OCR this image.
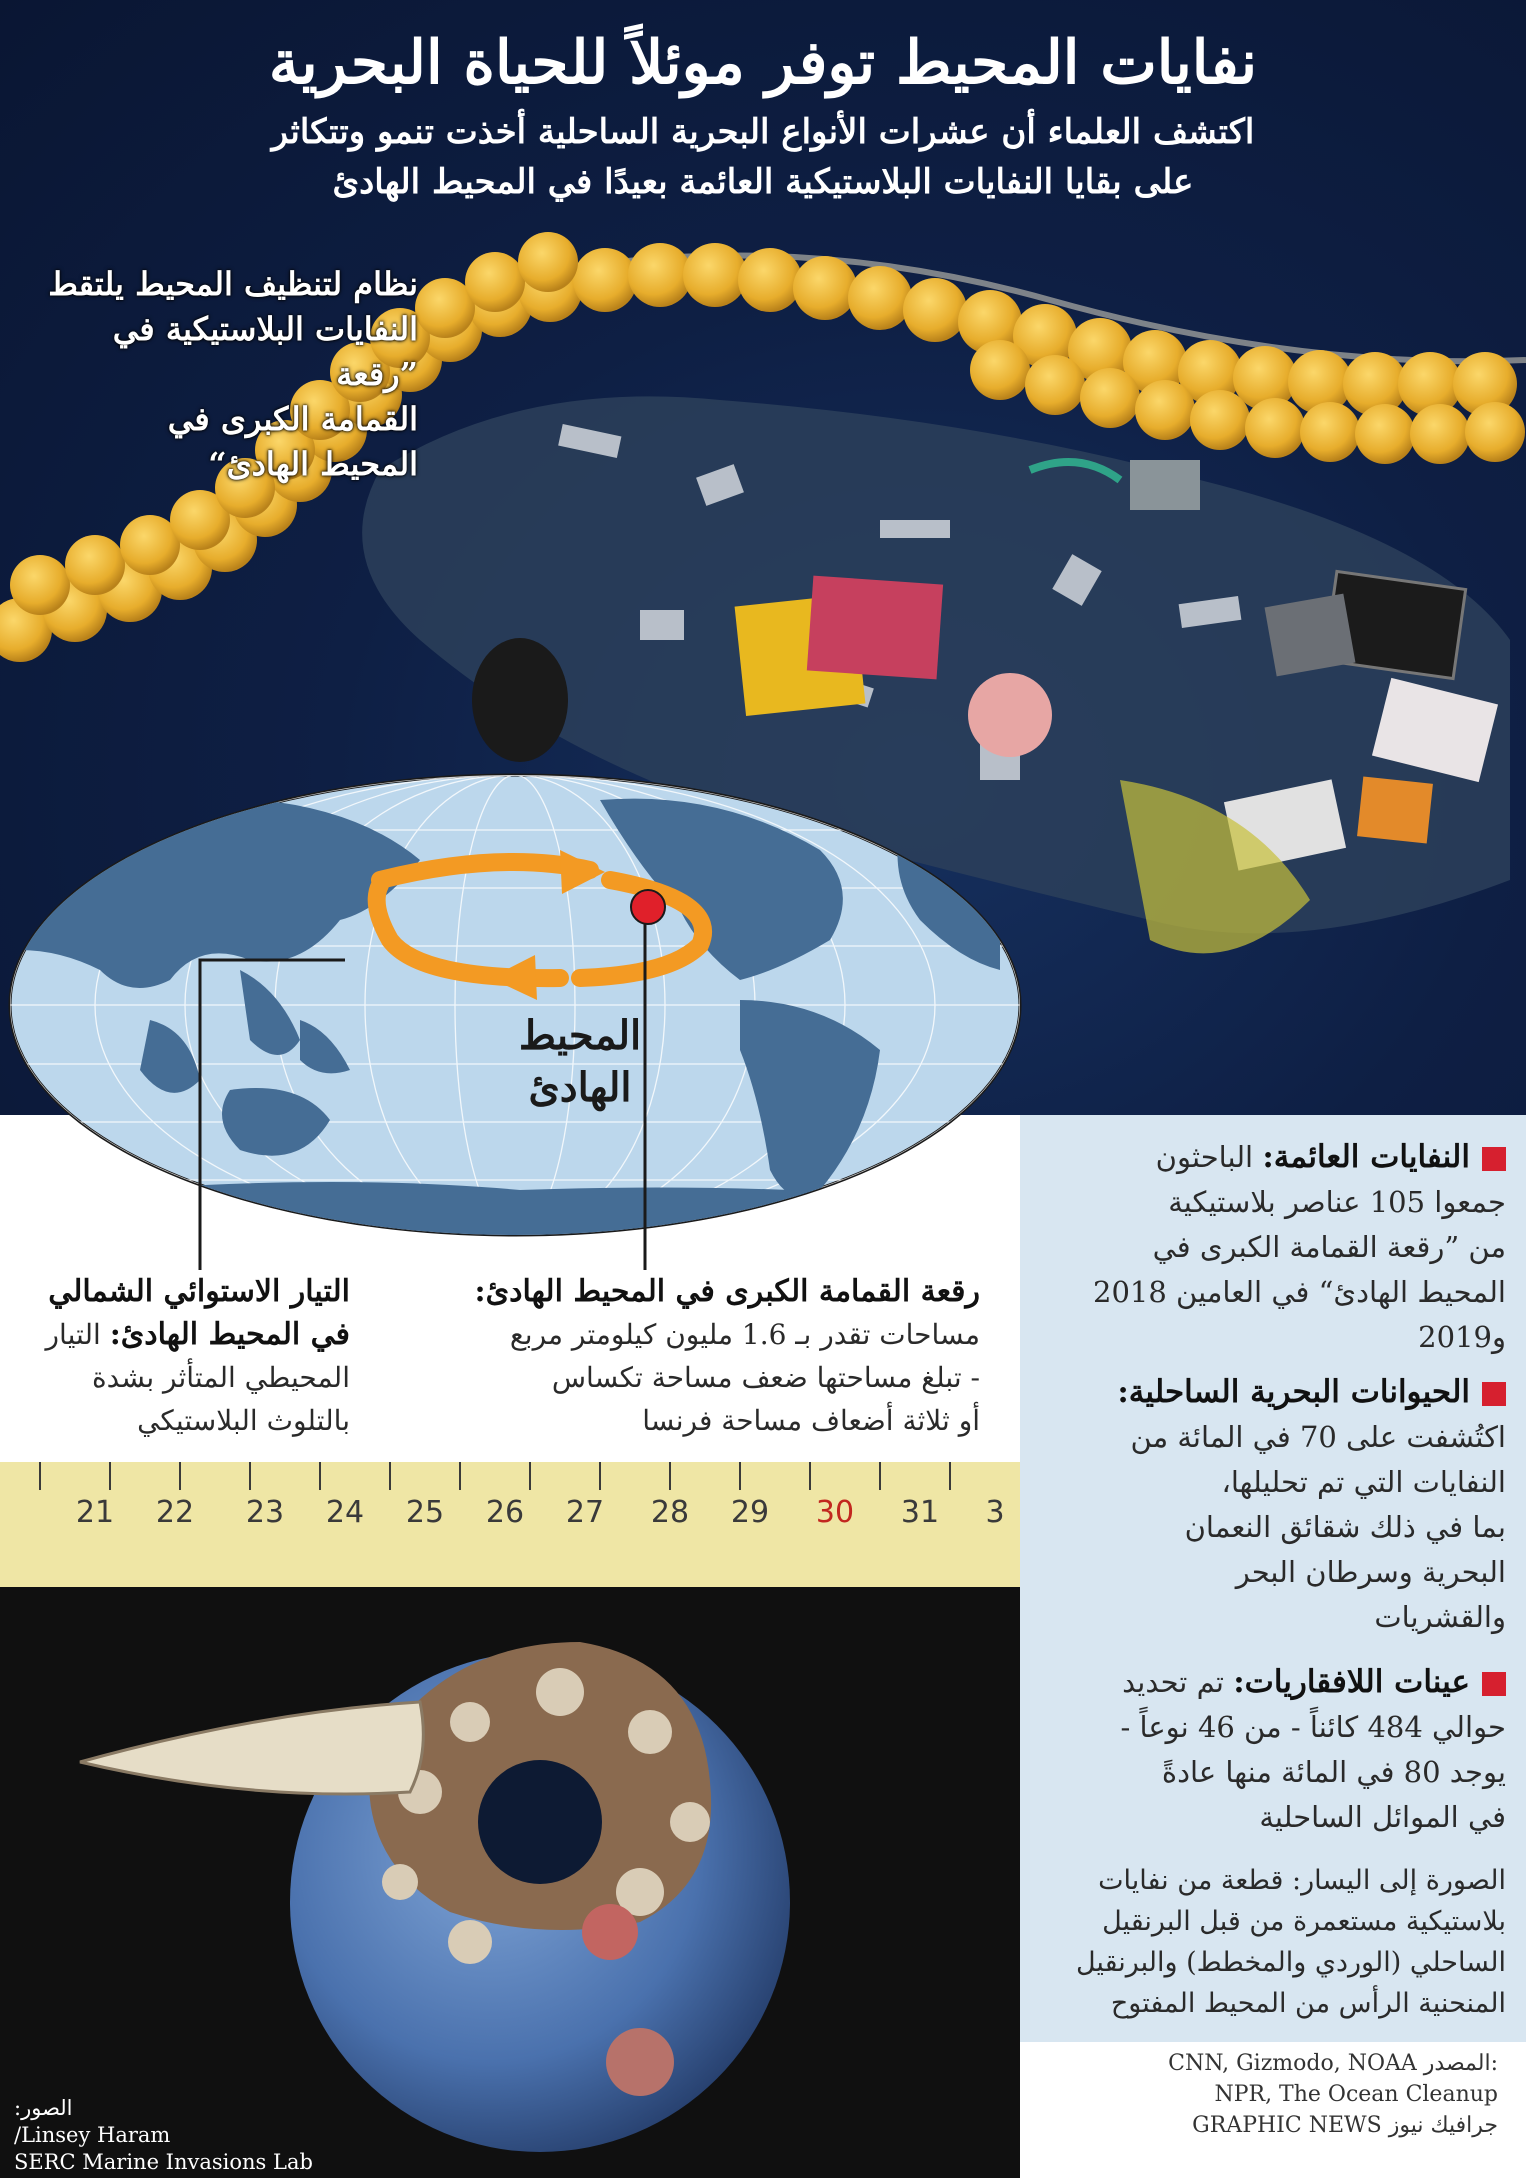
نفايات المحيط توفر موئلاً للحياة البحرية
اكتشف العلماء أن عشرات الأنواع البحرية الساحلية أخذت تنمو وتتكاثر
على بقايا النفايات البلاستيكية العائمة بعيدًا في المحيط الهادئ
نظام لتنظيف المحيط يلتقط
النفايات البلاستيكية في ”رقعة
القمامة الكبرى في
المحيط الهادئ“
المحيط
الهادئ
التيار الاستوائي الشمالي
في المحيط الهادئ: التيار
المحيطي المتأثر بشدة
بالتلوث البلاستيكي
رقعة القمامة الكبرى في المحيط الهادئ:
مساحات تقدر بـ 1.6 مليون كيلومتر مربع
- تبلغ مساحتها ضعف مساحة تكساس
أو ثلاثة أضعاف مساحة فرنسا
النفايات العائمة: الباحثون
جمعوا 105 عناصر بلاستيكية
من ”رقعة القمامة الكبرى في
المحيط الهادئ“ في العامين 2018
و2019
الحيوانات البحرية الساحلية:
اكتُشفت على 70 في المائة من
النفايات التي تم تحليلها،
بما في ذلك شقائق النعمان
البحرية وسرطان البحر
والقشريات
عينات اللافقاريات: تم تحديد
حوالي 484 كائناً - من 46 نوعاً -
يوجد 80 في المائة منها عادةً
في الموائل الساحلية
الصورة إلى اليسار: قطعة من نفايات
بلاستيكية مستعمرة من قبل البرنقيل
الساحلي (الوردي والمخطط) والبرنقيل
المنحنية الرأس من المحيط المفتوح
CNN, Gizmodo, NOAA المصدر:
NPR, The Ocean Cleanup
GRAPHIC NEWS جرافيك نيوز
21 22 23 24 25 26 27 28 29 30 31 3
الصور:
/Linsey Haram
SERC Marine Invasions Lab
